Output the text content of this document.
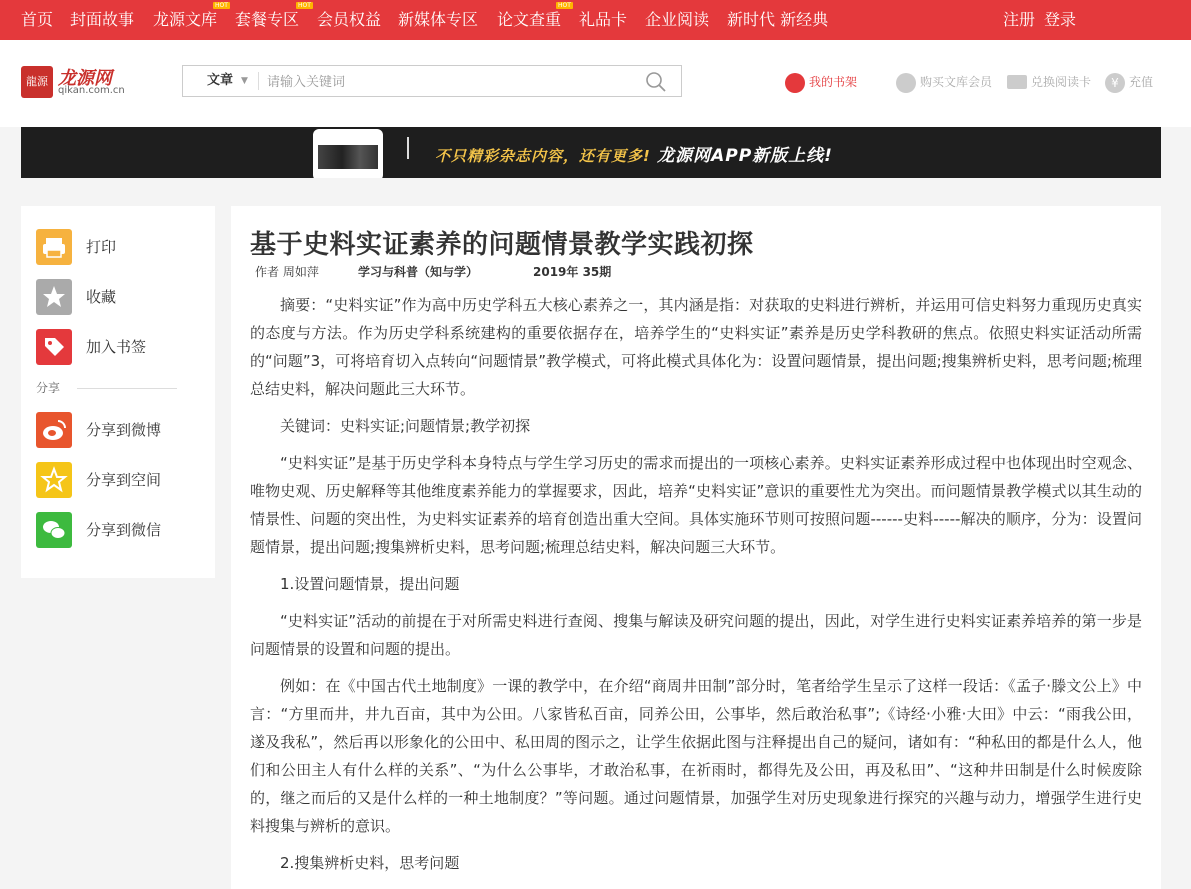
首页 封面故事 龙源文库
HOT
套餐专区
HOT
会员权益 新媒体专区 论文查重
HOT
礼品卡 企业阅读 新时代 新经典	注册 登录
龍源 龙源网
qikan.com.cn
文章 ▼
请输入关键词	我的书架	购买文库会员	兑换阅读卡	¥ 充值
不只精彩杂志内容，还有更多! 龙源网APP新版上线!
打印
收藏
加入书签
分享
分享到微博
分享到空间
分享到微信
基于史料实证素养的问题情景教学实践初探
作者 周如萍	学习与科普（知与学）	2019年 35期

摘要：“史料实证”作为高中历史学科五大核心素养之一，其内涵是指：对获取的史料进行辨析，并运用可信史料努力重现历史真实的态度与方法。作为历史学科系统建构的重要依据存在，培养学生的“史料实证”素养是历史学科教研的焦点。依照史料实证活动所需的“问题”3，可将培育切入点转向“问题情景”教学模式，可将此模式具体化为：设置问题情景，提出问题;搜集辨析史料，思考问题;梳理总结史料，解决问题此三大环节。

关键词：史料实证;问题情景;教学初探

“史料实证”是基于历史学科本身特点与学生学习历史的需求而提出的一项核心素养。史料实证素养形成过程中也体现出时空观念、唯物史观、历史解释等其他维度素养能力的掌握要求，因此，培养“史料实证”意识的重要性尤为突出。而问题情景教学模式以其生动的情景性、问题的突出性，为史料实证素养的培育创造出重大空间。具体实施环节则可按照问题------史料-----解决的顺序，分为：设置问题情景，提出问题;搜集辨析史料，思考问题;梳理总结史料，解决问题三大环节。

1.设置问题情景，提出问题

“史料实证”活动的前提在于对所需史料进行查阅、搜集与解读及研究问题的提出，因此，对学生进行史料实证素养培养的第一步是问题情景的设置和问题的提出。

例如：在《中国古代土地制度》一课的教学中，在介绍“商周井田制”部分时，笔者给学生呈示了这样一段话：《孟子·滕文公上》中言：“方里而井，井九百亩，其中为公田。八家皆私百亩，同养公田，公事毕，然后敢治私事”;《诗经·小雅·大田》中云：“雨我公田，遂及我私”，然后再以形象化的公田中、私田周的图示之，让学生依据此图与注释提出自己的疑问，诸如有：“种私田的都是什么人，他们和公田主人有什么样的关系”、“为什么公事毕，才敢治私事，在祈雨时，都得先及公田，再及私田”、“这种井田制是什么时候废除的，继之而后的又是什么样的一种土地制度？”等问题。通过问题情景，加强学生对历史现象进行探究的兴趣与动力，增强学生进行史料搜集与辨析的意识。

2.搜集辨析史料，思考问题
